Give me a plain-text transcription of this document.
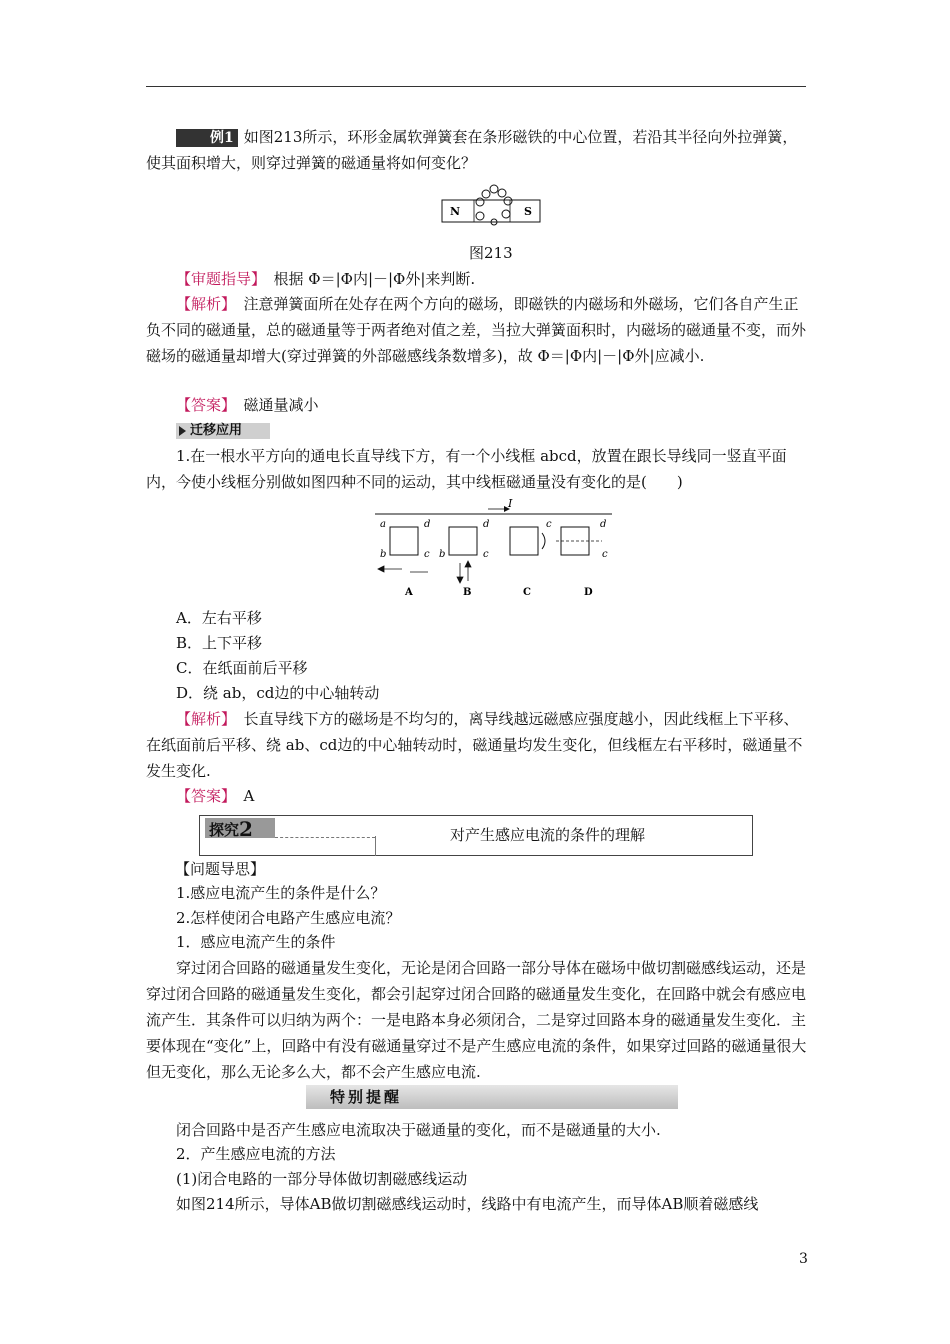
例1 如图213所示，环形金属软弹簧套在条形磁铁的中心位置，若沿其半径向外拉弹簧，使其面积增大，则穿过弹簧的磁通量将如何变化？
N	S
图213
【审题指导】　 根据 Φ＝|Φ内|－|Φ外|来判断.
【解析】　 注意弹簧面所在处存在两个方向的磁场，即磁铁的内磁场和外磁场，它们各自产生正负不同的磁通量，总的磁通量等于两者绝对值之差，当拉大弹簧面积时，内磁场的磁通量不变，而外磁场的磁通量却增大(穿过弹簧的外部磁感线条数增多)，故 Φ＝|Φ内|－|Φ外|应减小.
【答案】　 磁通量减小
迁移应用
1.在一根水平方向的通电长直导线下方，有一个小线框 abcd，放置在跟长导线同一竖直平面内，今使小线框分别做如图四种不同的运动，其中线框磁通量没有变化的是(　　)
I
a
b	c
d
b	c
d	c	d
c
A	B	C	D
A．左右平移
B．上下平移
C．在纸面前后平移
D．绕 ab，cd边的中心轴转动
【解析】　 长直导线下方的磁场是不均匀的，离导线越远磁感应强度越小，因此线框上下平移、在纸面前后平移、绕 ab、cd边的中心轴转动时，磁通量均发生变化，但线框左右平移时，磁通量不发生变化.
【答案】　 A
探究2	对产生感应电流的条件的理解
【问题导思】
1.感应电流产生的条件是什么？
2.怎样使闭合电路产生感应电流？
1．感应电流产生的条件
穿过闭合回路的磁通量发生变化，无论是闭合回路一部分导体在磁场中做切割磁感线运动，还是穿过闭合回路的磁通量发生变化，都会引起穿过闭合回路的磁通量发生变化，在回路中就会有感应电流产生．其条件可以归纳为两个：一是电路本身必须闭合，二是穿过回路本身的磁通量发生变化．主要体现在“变化”上，回路中有没有磁通量穿过不是产生感应电流的条件，如果穿过回路的磁通量很大但无变化，那么无论多么大，都不会产生感应电流.
特别提醒
闭合回路中是否产生感应电流取决于磁通量的变化，而不是磁通量的大小.
2．产生感应电流的方法
(1)闭合电路的一部分导体做切割磁感线运动
如图214所示，导体AB做切割磁感线运动时，线路中有电流产生，而导体AB顺着磁感线
3
